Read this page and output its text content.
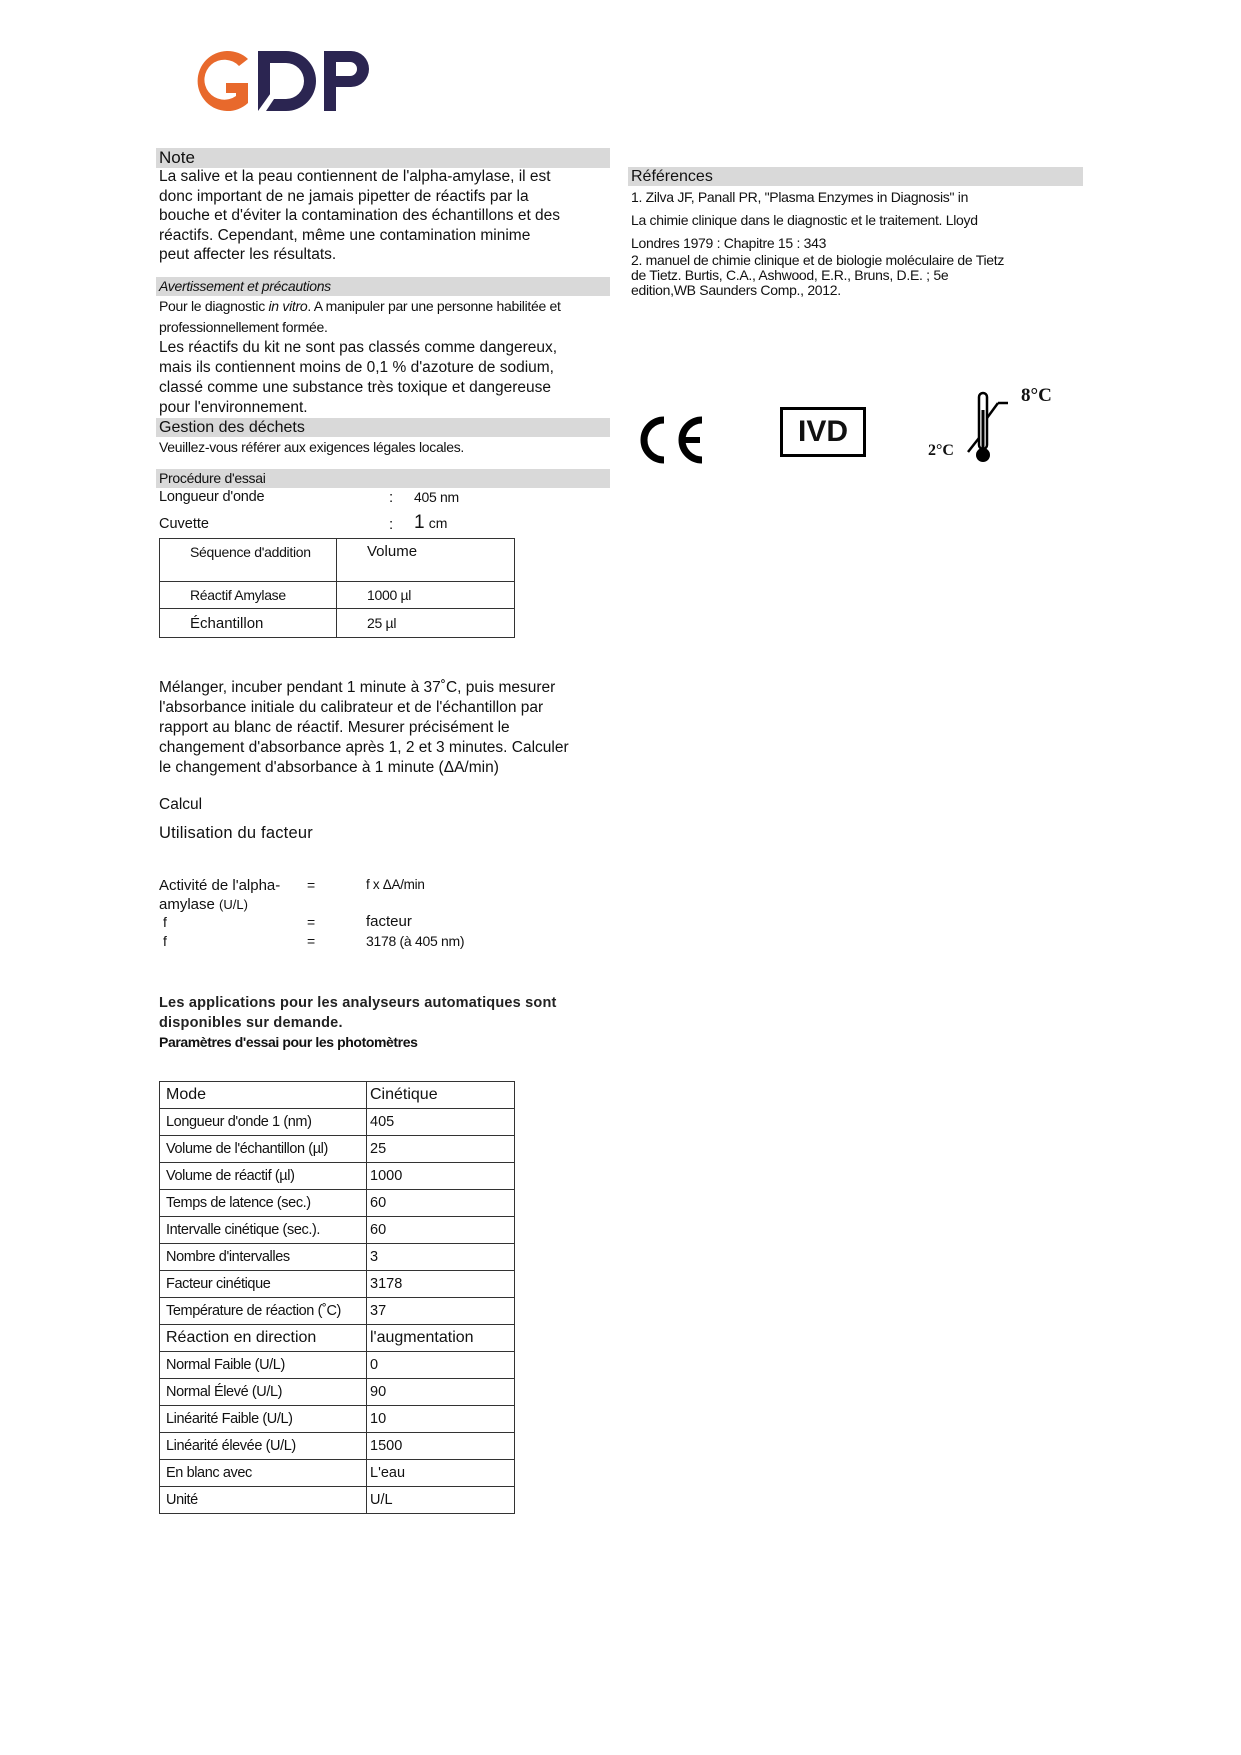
Note
La salive et la peau contiennent de l'alpha-amylase, il est
donc important de ne jamais pipetter de réactifs par la
bouche et d'éviter la contamination des échantillons et des
réactifs. Cependant, même une contamination minime
peut affecter les résultats.
Avertissement et précautions
Pour le diagnostic in vitro. A manipuler par une personne habilitée et
professionnellement formée.
Les réactifs du kit ne sont pas classés comme dangereux,
mais ils contiennent moins de 0,1 % d'azoture de sodium,
classé comme une substance très toxique et dangereuse
pour l'environnement.
Gestion des déchets
Veuillez-vous référer aux exigences légales locales.
Procédure d'essai
Longueur d'onde	: 405 nm
Cuvette	: 1 cm
Séquence d'addition	Volume
Réactif Amylase	1000 µl
Échantillon	25 µl
Mélanger, incuber pendant 1 minute à 37˚C, puis mesurer
l'absorbance initiale du calibrateur et de l'échantillon par
rapport au blanc de réactif. Mesurer précisément le
changement d'absorbance après 1, 2 et 3 minutes. Calculer
le changement d'absorbance à 1 minute (ΔA/min)
Calcul
Utilisation du facteur
Activité de l'alpha-
amylase (U/L)
=	f x ΔA/min
f	=	facteur
f	=	3178 (à 405 nm)
Les applications pour les analyseurs automatiques sont
disponibles sur demande.
Paramètres d'essai pour les photomètres
Mode	Cinétique
Longueur d'onde 1 (nm)	405
Volume de l'échantillon (µl)	25
Volume de réactif (µl)	1000
Temps de latence (sec.)	60
Intervalle cinétique (sec.).	60
Nombre d'intervalles	3
Facteur cinétique	3178
Température de réaction (˚C)	37
Réaction en direction	l'augmentation
Normal Faible (U/L)	0
Normal Élevé (U/L)	90
Linéarité Faible (U/L)	10
Linéarité élevée (U/L)	1500
En blanc avec	L'eau
Unité	U/L
Références
1. Zilva JF, Panall PR, "Plasma Enzymes in Diagnosis" in
La chimie clinique dans le diagnostic et le traitement. Lloyd
Londres 1979 : Chapitre 15 : 343
2. manuel de chimie clinique et de biologie moléculaire de Tietz
de Tietz. Burtis, C.A., Ashwood, E.R., Bruns, D.E. ; 5e
edition,WB Saunders Comp., 2012.
IVD
8°C
2°C
